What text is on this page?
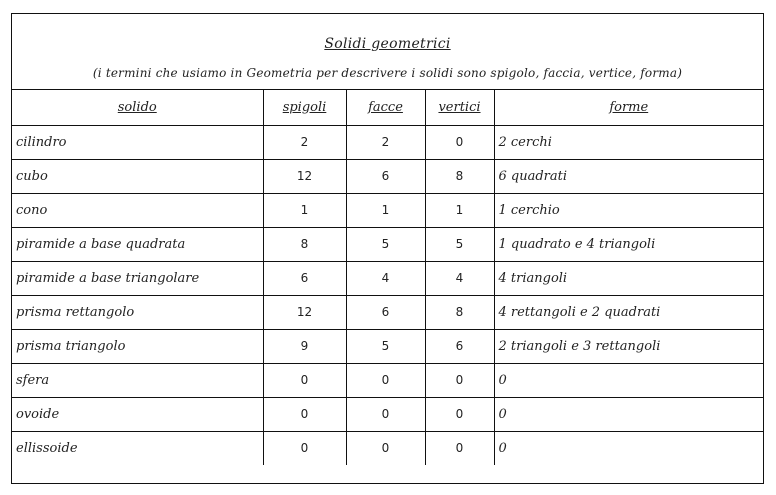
Solidi geometrici
(i termini che usiamo in Geometria per descrivere i solidi sono spigolo, faccia, vertice, forma)
solido	spigoli	facce	vertici	forme
cilindro	2	2	0	2 cerchi
cubo	12	6	8	6 quadrati
cono	1	1	1	1 cerchio
piramide a base quadrata	8	5	5	1 quadrato e 4 triangoli
piramide a base triangolare	6	4	4	4 triangoli
prisma rettangolo	12	6	8	4 rettangoli e 2 quadrati
prisma triangolo	9	5	6	2 triangoli e 3 rettangoli
sfera	0	0	0	0
ovoide	0	0	0	0
ellissoide	0	0	0	0
